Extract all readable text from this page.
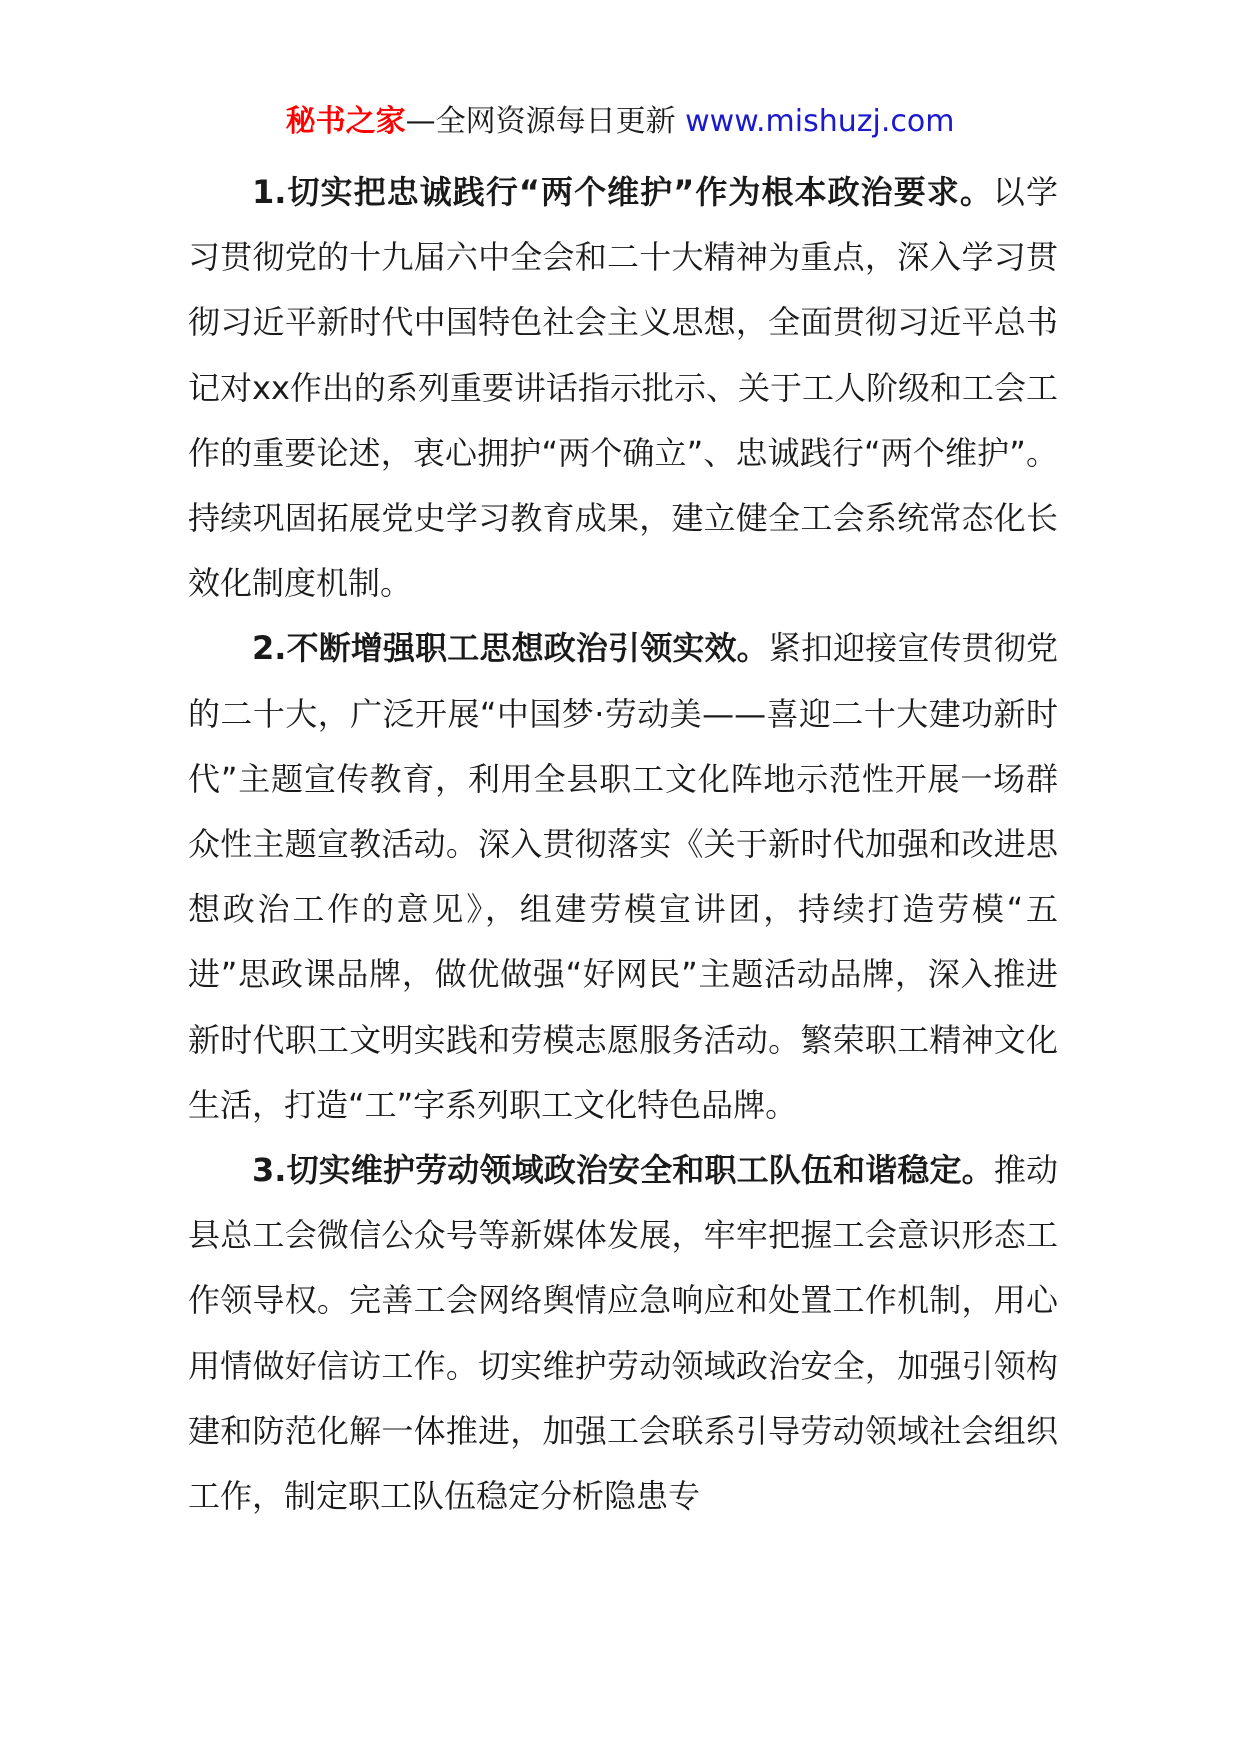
秘书之家—全网资源每日更新 www.mishuzj.com

1.切实把忠诚践行“两个维护”作为根本政治要求。以学习贯彻党的十九届六中全会和二十大精神为重点，深入学习贯彻习近平新时代中国特色社会主义思想，全面贯彻习近平总书记对xx作出的系列重要讲话指示批示、关于工人阶级和工会工作的重要论述，衷心拥护“两个确立”、忠诚践行“两个维护”。持续巩固拓展党史学习教育成果，建立健全工会系统常态化长效化制度机制。

2.不断增强职工思想政治引领实效。紧扣迎接宣传贯彻党的二十大，广泛开展“中国梦·劳动美——喜迎二十大建功新时代”主题宣传教育，利用全县职工文化阵地示范性开展一场群众性主题宣教活动。深入贯彻落实《关于新时代加强和改进思想政治工作的意见》，组建劳模宣讲团，持续打造劳模“五进”思政课品牌，做优做强“好网民”主题活动品牌，深入推进新时代职工文明实践和劳模志愿服务活动。繁荣职工精神文化生活，打造“工”字系列职工文化特色品牌。

3.切实维护劳动领域政治安全和职工队伍和谐稳定。推动县总工会微信公众号等新媒体发展，牢牢把握工会意识形态工作领导权。完善工会网络舆情应急响应和处置工作机制，用心用情做好信访工作。切实维护劳动领域政治安全，加强引领构建和防范化解一体推进，加强工会联系引导劳动领域社会组织工作，制定职工队伍稳定分析隐患专
